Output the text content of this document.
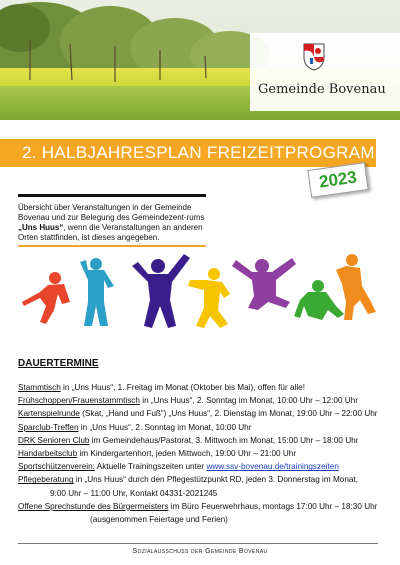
Gemeinde Bovenau
2. HALBJAHRESPLAN FREIZEITPROGRAMM
2023
Übersicht über Veranstaltungen in der Gemeinde Bovenau und zur Belegung des Gemeindezent-rums „Uns Huus“, wenn die Veranstaltungen an anderen Orten stattfinden, ist dieses angegeben.
DAUERTERMINE
Stammtisch in „Uns Huus“, 1. Freitag im Monat (Oktober bis Mai), offen für alle!
Frühschoppen/Frauenstammtisch in „Uns Huus“, 2. Sonntag im Monat, 10:00 Uhr – 12:00 Uhr
Kartenspielrunde (Skat, „Hand und Fuß“) „Uns Huus“, 2. Dienstag im Monat, 19:00 Uhr – 22:00 Uhr
Sparclub-Treffen in „Uns Huus“, 2. Sonntag im Monat, 10:00 Uhr
DRK Senioren Club im Gemeindehaus/Pastorat, 3. Mittwoch im Monat, 15:00 Uhr – 18:00 Uhr
Handarbeitsclub im Kindergartenhort, jeden Mittwoch, 19:00 Uhr – 21:00 Uhr
Sportschützenverein: Aktuelle Trainingszeiten unter www.ssv-bovenau.de/trainingszeiten
Pflegeberatung in „Uns Huus“ durch den Pflegestützpunkt RD, jeden 3. Donnerstag im Monat,
9:00 Uhr – 11:00 Uhr, Kontakt 04331-2021245
Offene Sprechstunde des Bürgermeisters im Büro Feuerwehrhaus, montags 17:00 Uhr – 18:30 Uhr
(ausgenommen Feiertage und Ferien)
Sozialausschuss der Gemeinde Bovenau
